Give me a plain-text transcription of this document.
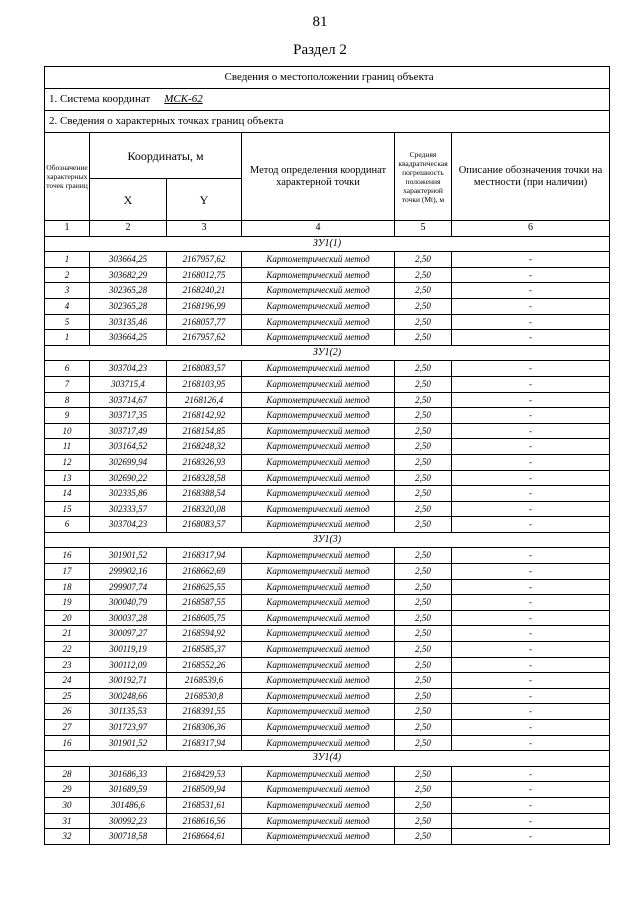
81
Раздел 2
Сведения о местоположении границ объекта					
1. Система координат МСК-62					
2. Сведения о характерных точках границ объекта					
Обозначение характерных точек границ	Координаты, м		Метод определения координат характерной точки	Средняя квадратическая погрешность положения характерной точки (Mt), м	Описание обозначения точки на местности (при наличии)
	X	Y			
1	2	3	4	5	6
ЗУ1(1)					
1	303664,25	2167957,62	Картометрический метод	2,50	-
2	303682,29	2168012,75	Картометрический метод	2,50	-
3	302365,28	2168240,21	Картометрический метод	2,50	-
4	302365,28	2168196,99	Картометрический метод	2,50	-
5	303135,46	2168057,77	Картометрический метод	2,50	-
1	303664,25	2167957,62	Картометрический метод	2,50	-
ЗУ1(2)					
6	303704,23	2168083,57	Картометрический метод	2,50	-
7	303715,4	2168103,95	Картометрический метод	2,50	-
8	303714,67	2168126,4	Картометрический метод	2,50	-
9	303717,35	2168142,92	Картометрический метод	2,50	-
10	303717,49	2168154,85	Картометрический метод	2,50	-
11	303164,52	2168248,32	Картометрический метод	2,50	-
12	302699,94	2168326,93	Картометрический метод	2,50	-
13	302690,22	2168328,58	Картометрический метод	2,50	-
14	302335,86	2168388,54	Картометрический метод	2,50	-
15	302333,57	2168320,08	Картометрический метод	2,50	-
6	303704,23	2168083,57	Картометрический метод	2,50	-
ЗУ1(3)					
16	301901,52	2168317,94	Картометрический метод	2,50	-
17	299902,16	2168662,69	Картометрический метод	2,50	-
18	299907,74	2168625,55	Картометрический метод	2,50	-
19	300040,79	2168587,55	Картометрический метод	2,50	-
20	300037,28	2168605,75	Картометрический метод	2,50	-
21	300097,27	2168594,92	Картометрический метод	2,50	-
22	300119,19	2168585,37	Картометрический метод	2,50	-
23	300112,09	2168552,26	Картометрический метод	2,50	-
24	300192,71	2168539,6	Картометрический метод	2,50	-
25	300248,66	2168530,8	Картометрический метод	2,50	-
26	301135,53	2168391,55	Картометрический метод	2,50	-
27	301723,97	2168306,36	Картометрический метод	2,50	-
16	301901,52	2168317,94	Картометрический метод	2,50	-
ЗУ1(4)					
28	301686,33	2168429,53	Картометрический метод	2,50	-
29	301689,59	2168509,94	Картометрический метод	2,50	-
30	301486,6	2168531,61	Картометрический метод	2,50	-
31	300992,23	2168616,56	Картометрический метод	2,50	-
32	300718,58	2168664,61	Картометрический метод	2,50	-
